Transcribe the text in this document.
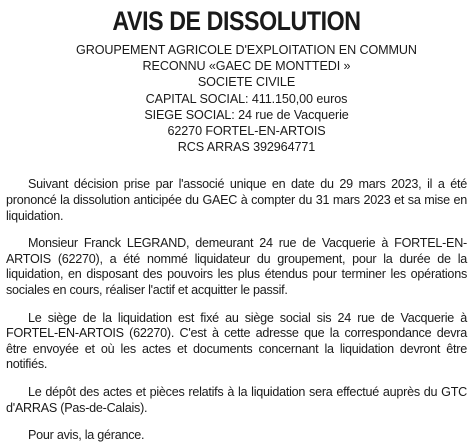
AVIS DE DISSOLUTION
GROUPEMENT AGRICOLE D'EXPLOITATION EN COMMUN
RECONNU «GAEC DE MONTTEDI »
SOCIETE CIVILE
CAPITAL SOCIAL: 411.150,00 euros
SIEGE SOCIAL: 24 rue de Vacquerie
62270 FORTEL-EN-ARTOIS
RCS ARRAS 392964771

Suivant décision prise par l'associé unique en date du 29 mars 2023, il a été prononcé la dissolution anticipée du GAEC à compter du 31 mars 2023 et sa mise en liquidation.

Monsieur Franck LEGRAND, demeurant 24 rue de Vacquerie à FORTEL-EN-ARTOIS (62270), a été nommé liquidateur du groupement, pour la durée de la liquidation, en disposant des pouvoirs les plus étendus pour terminer les opérations sociales en cours, réaliser l'actif et acquitter le passif.

Le siège de la liquidation est fixé au siège social sis 24 rue de Vacquerie à FORTEL-EN-ARTOIS (62270). C'est à cette adresse que la correspondance devra être envoyée et où les actes et documents concernant la liquidation devront être notifiés.

Le dépôt des actes et pièces relatifs à la liquidation sera effectué auprès du GTC d'ARRAS (Pas-de-Calais).

Pour avis, la gérance.
